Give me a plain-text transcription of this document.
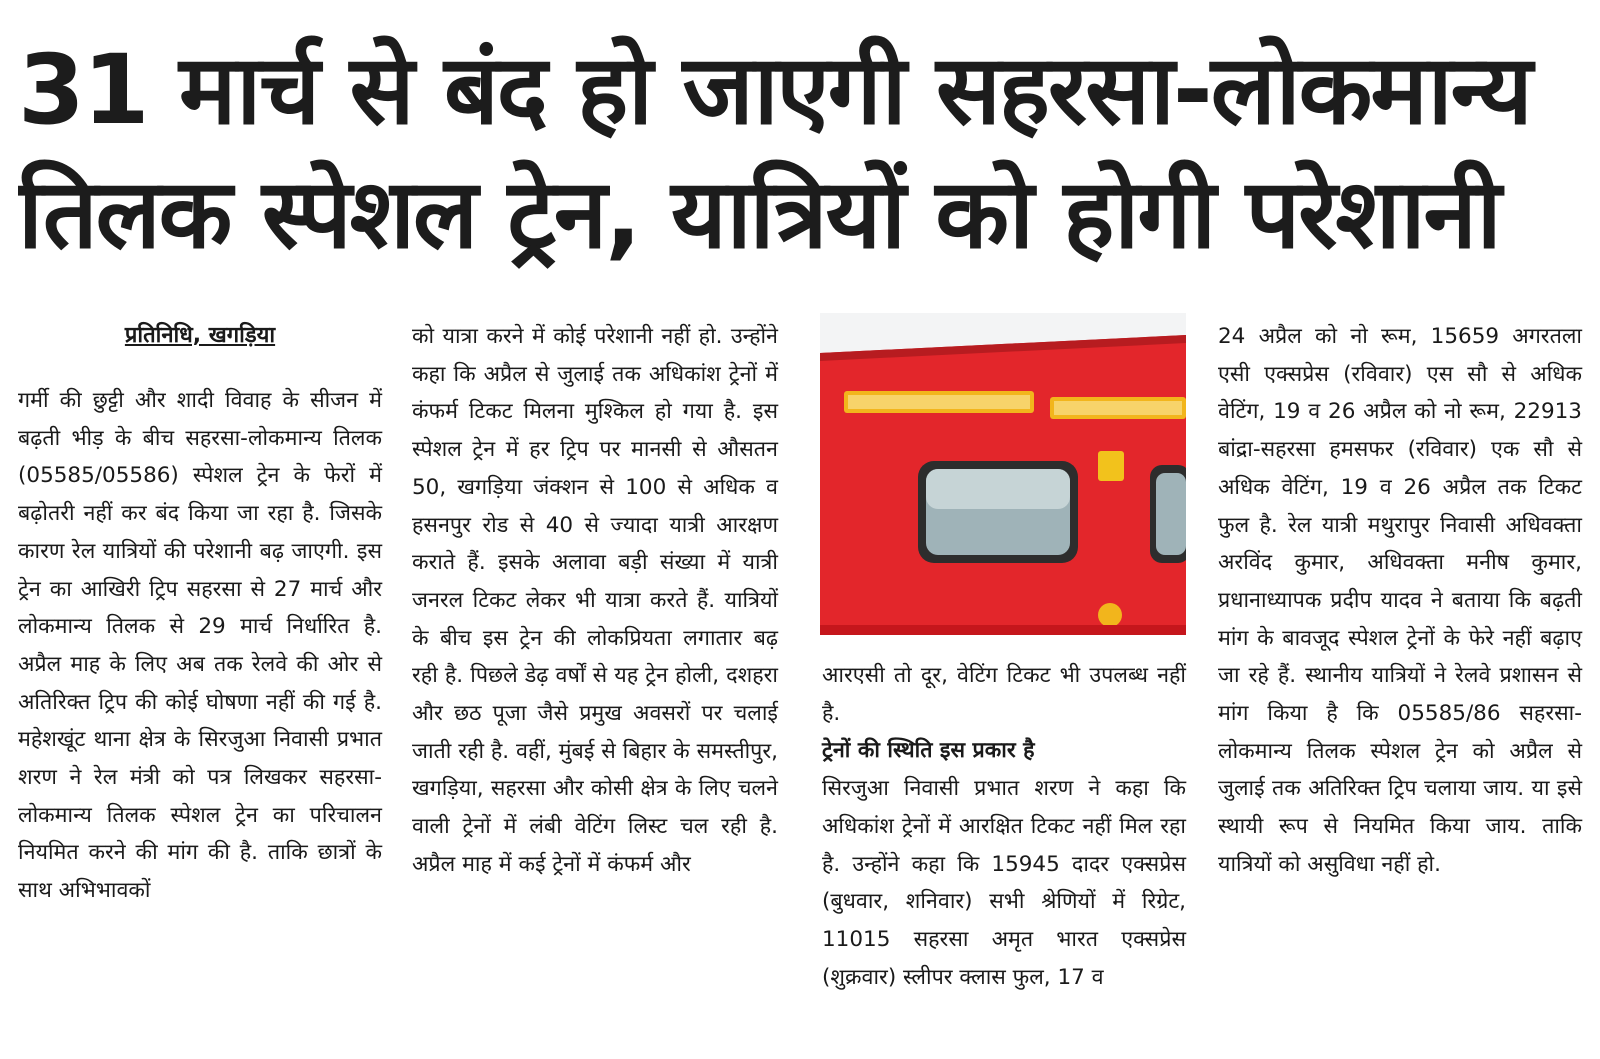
31 मार्च से बंद हो जाएगी सहरसा-लोकमान्य
तिलक स्पेशल ट्रेन, यात्रियों को होगी परेशानी
प्रतिनिधि, खगड़िया

गर्मी की छुट्टी और शादी विवाह के सीजन में बढ़ती भीड़ के बीच सहरसा-लोकमान्य तिलक (05585/05586) स्पेशल ट्रेन के फेरों में बढ़ोतरी नहीं कर बंद किया जा रहा है. जिसके कारण रेल यात्रियों की परेशानी बढ़ जाएगी. इस ट्रेन का आखिरी ट्रिप सहरसा से 27 मार्च और लोकमान्य तिलक से 29 मार्च निर्धारित है. अप्रैल माह के लिए अब तक रेलवे की ओर से अतिरिक्त ट्रिप की कोई घोषणा नहीं की गई है. महेशखूंट थाना क्षेत्र के सिरजुआ निवासी प्रभात शरण ने रेल मंत्री को पत्र लिखकर सहरसा-लोकमान्य तिलक स्पेशल ट्रेन का परिचालन नियमित करने की मांग की है. ताकि छात्रों के साथ अभिभावकों

को यात्रा करने में कोई परेशानी नहीं हो. उन्होंने कहा कि अप्रैल से जुलाई तक अधिकांश ट्रेनों में कंफर्म टिकट मिलना मुश्किल हो गया है. इस स्पेशल ट्रेन में हर ट्रिप पर मानसी से औसतन 50, खगड़िया जंक्शन से 100 से अधिक व हसनपुर रोड से 40 से ज्यादा यात्री आरक्षण कराते हैं. इसके अलावा बड़ी संख्या में यात्री जनरल टिकट लेकर भी यात्रा करते हैं. यात्रियों के बीच इस ट्रेन की लोकप्रियता लगातार बढ़ रही है. पिछले डेढ़ वर्षों से यह ट्रेन होली, दशहरा और छठ पूजा जैसे प्रमुख अवसरों पर चलाई जाती रही है. वहीं, मुंबई से बिहार के समस्तीपुर, खगड़िया, सहरसा और कोसी क्षेत्र के लिए चलने वाली ट्रेनों में लंबी वेटिंग लिस्ट चल रही है. अप्रैल माह में कई ट्रेनों में कंफर्म और

आरएसी तो दूर, वेटिंग टिकट भी उपलब्ध नहीं है.

ट्रेनों की स्थिति इस प्रकार है

सिरजुआ निवासी प्रभात शरण ने कहा कि अधिकांश ट्रेनों में आरक्षित टिकट नहीं मिल रहा है. उन्होंने कहा कि 15945 दादर एक्सप्रेस (बुधवार, शनिवार) सभी श्रेणियों में रिग्रेट, 11015 सहरसा अमृत भारत एक्सप्रेस (शुक्रवार) स्लीपर क्लास फुल, 17 व

24 अप्रैल को नो रूम, 15659 अगरतला एसी एक्सप्रेस (रविवार) एस सौ से अधिक वेटिंग, 19 व 26 अप्रैल को नो रूम, 22913 बांद्रा-सहरसा हमसफर (रविवार) एक सौ से अधिक वेटिंग, 19 व 26 अप्रैल तक टिकट फुल है. रेल यात्री मथुरापुर निवासी अधिवक्ता अरविंद कुमार, अधिवक्ता मनीष कुमार, प्रधानाध्यापक प्रदीप यादव ने बताया कि बढ़ती मांग के बावजूद स्पेशल ट्रेनों के फेरे नहीं बढ़ाए जा रहे हैं. स्थानीय यात्रियों ने रेलवे प्रशासन से मांग किया है कि 05585/86 सहरसा-लोकमान्य तिलक स्पेशल ट्रेन को अप्रैल से जुलाई तक अतिरिक्त ट्रिप चलाया जाय. या इसे स्थायी रूप से नियमित किया जाय. ताकि यात्रियों को असुविधा नहीं हो.
